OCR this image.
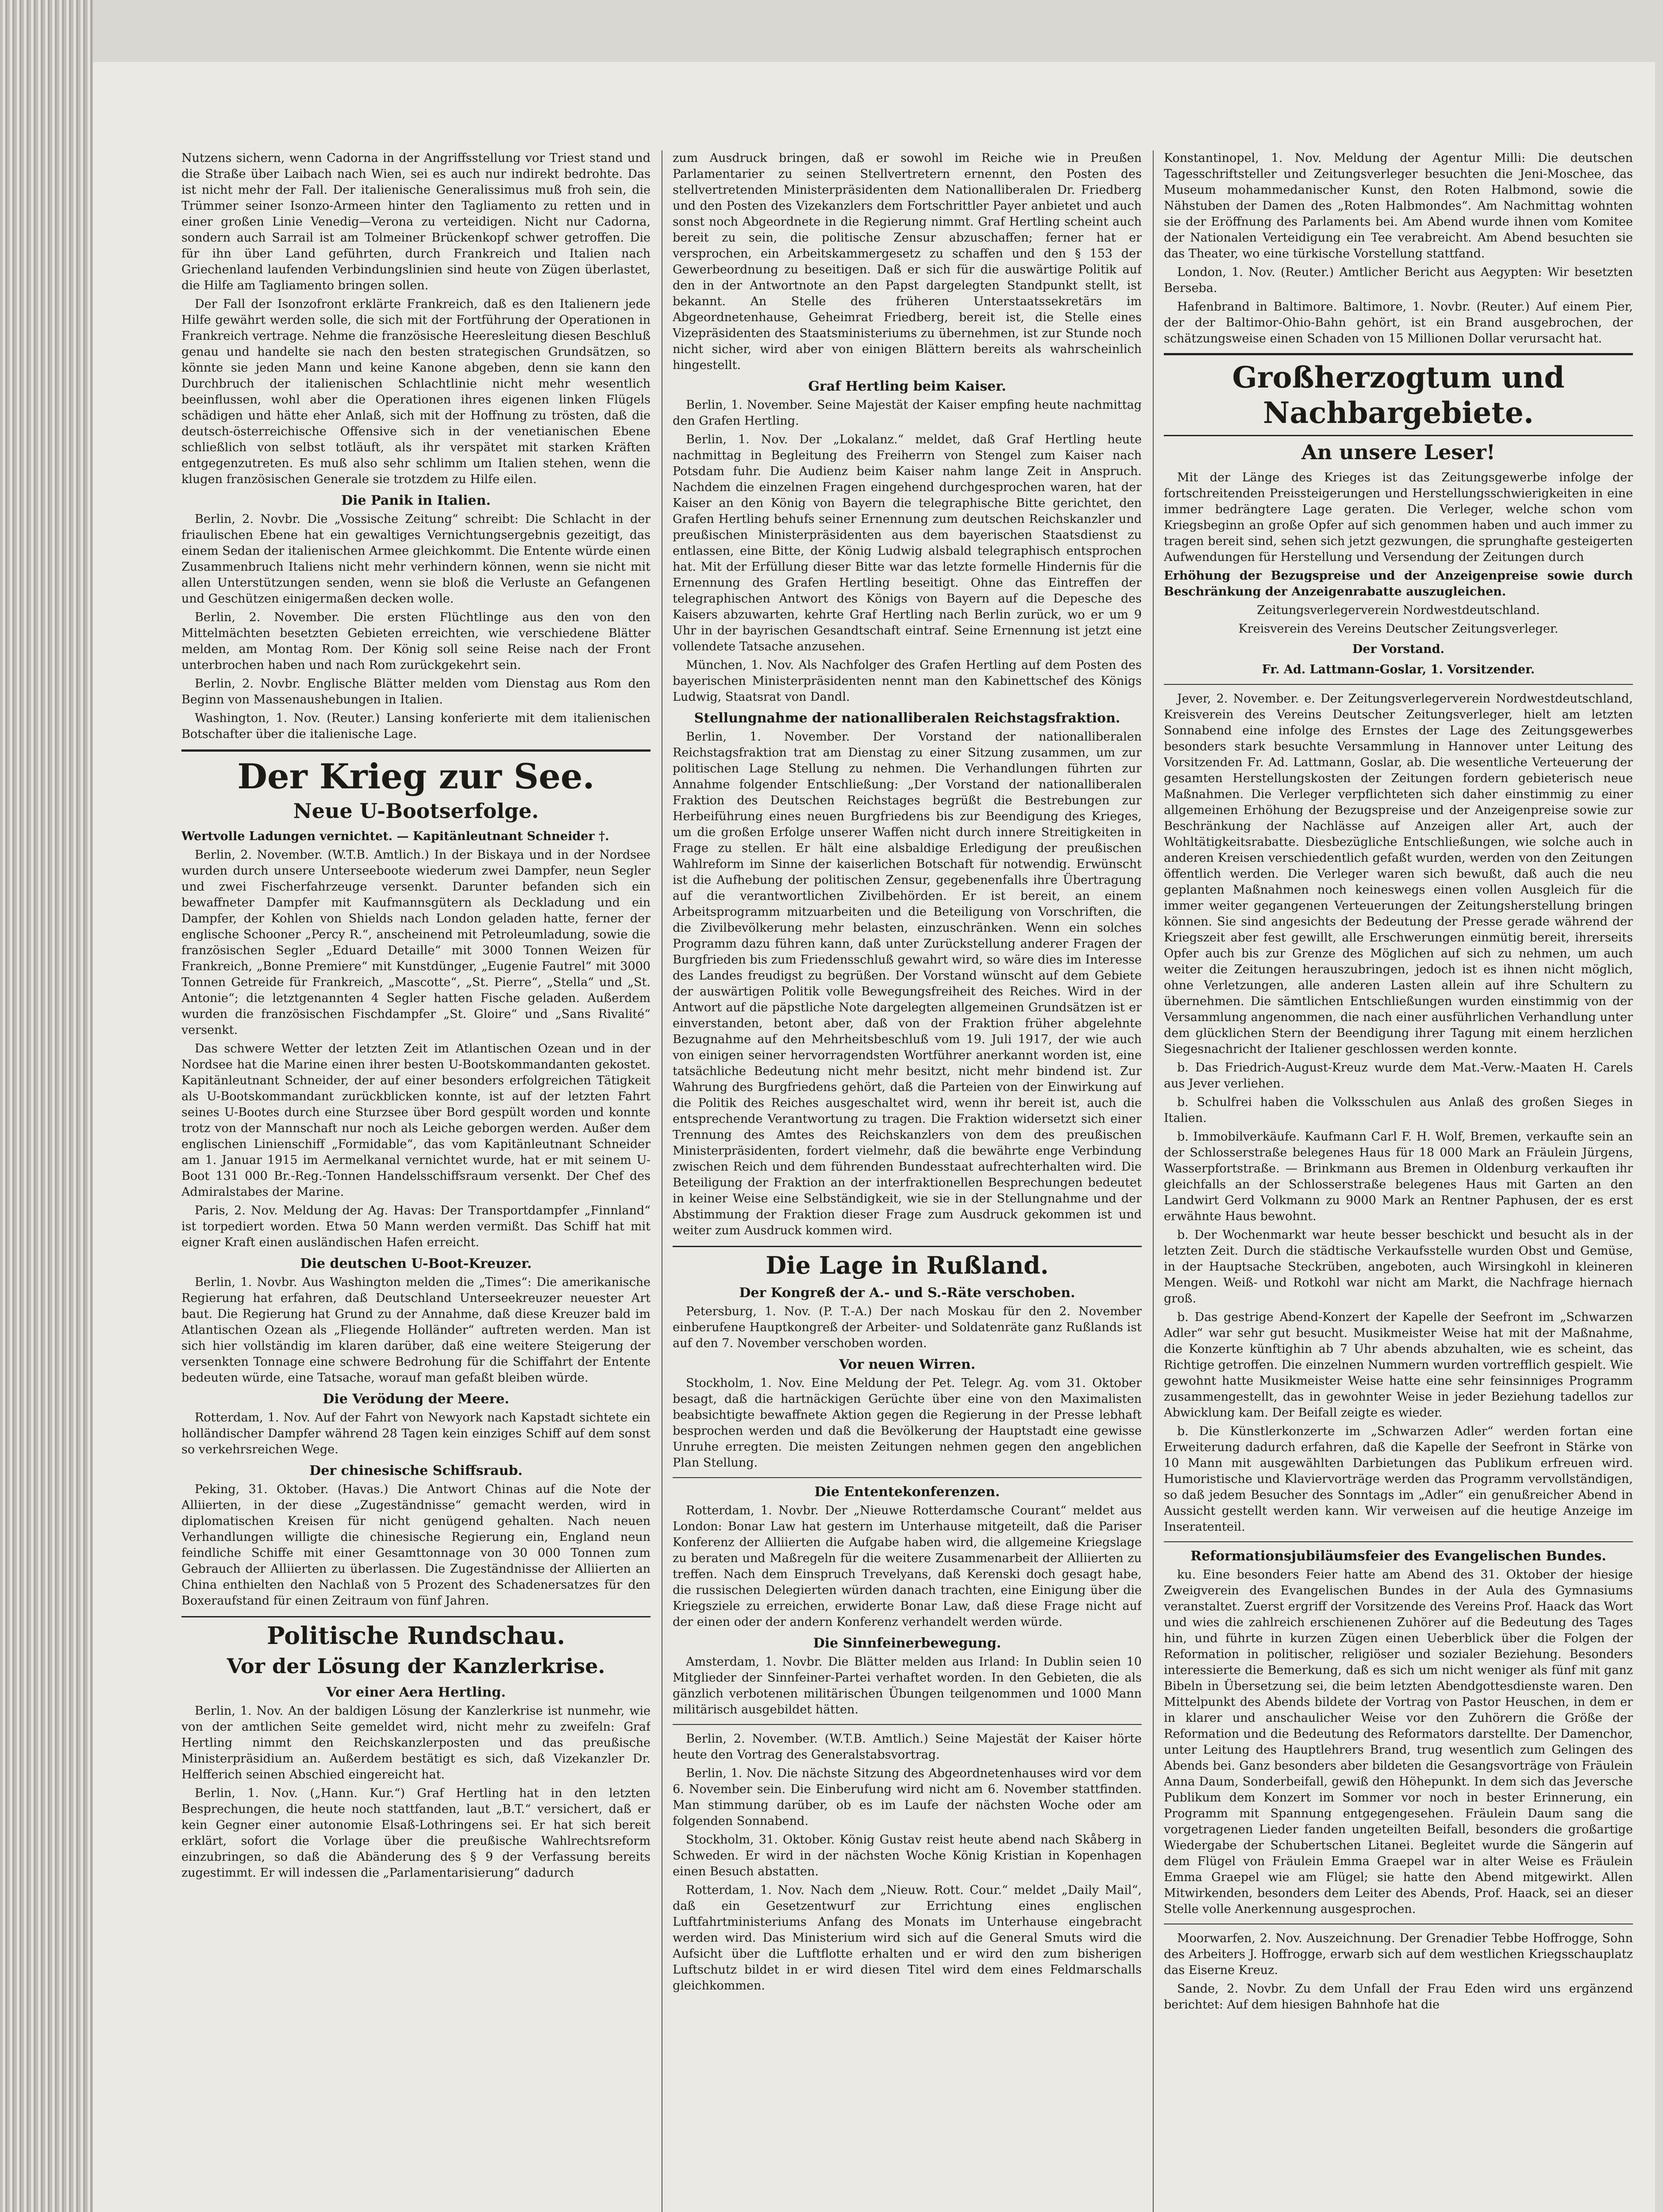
Nutzens sichern, wenn Cadorna in der Angriffsstellung vor Triest stand und die Straße über Laibach nach Wien, sei es auch nur indirekt bedrohte. Das ist nicht mehr der Fall. Der italienische Generalissimus muß froh sein, die Trümmer seiner Isonzo-Armeen hinter den Tagliamento zu retten und in einer großen Linie Venedig—Verona zu verteidigen. Nicht nur Cadorna, sondern auch Sarrail ist am Tolmeiner Brückenkopf schwer getroffen. Die für ihn über Land geführten, durch Frankreich und Italien nach Griechenland laufenden Verbindungslinien sind heute von Zügen überlastet, die Hilfe am Tagliamento bringen sollen.

Der Fall der Isonzofront erklärte Frankreich, daß es den Italienern jede Hilfe gewährt werden solle, die sich mit der Fortführung der Operationen in Frankreich vertrage. Nehme die französische Heeresleitung diesen Beschluß genau und handelte sie nach den besten strategischen Grundsätzen, so könnte sie jeden Mann und keine Kanone abgeben, denn sie kann den Durchbruch der italienischen Schlachtlinie nicht mehr wesentlich beeinflussen, wohl aber die Operationen ihres eigenen linken Flügels schädigen und hätte eher Anlaß, sich mit der Hoffnung zu trösten, daß die deutsch-österreichische Offensive sich in der venetianischen Ebene schließlich von selbst totläuft, als ihr verspätet mit starken Kräften entgegenzutreten. Es muß also sehr schlimm um Italien stehen, wenn die klugen französischen Generale sie trotzdem zu Hilfe eilen.

Die Panik in Italien.

Berlin, 2. Novbr. Die „Vossische Zeitung“ schreibt: Die Schlacht in der friaulischen Ebene hat ein gewaltiges Vernichtungsergebnis gezeitigt, das einem Sedan der italienischen Armee gleichkommt. Die Entente würde einen Zusammenbruch Italiens nicht mehr verhindern können, wenn sie nicht mit allen Unterstützungen senden, wenn sie bloß die Verluste an Gefangenen und Geschützen einigermaßen decken wolle.

Berlin, 2. November. Die ersten Flüchtlinge aus den von den Mittelmächten besetzten Gebieten erreichten, wie verschiedene Blätter melden, am Montag Rom. Der König soll seine Reise nach der Front unterbrochen haben und nach Rom zurückgekehrt sein.

Berlin, 2. Novbr. Englische Blätter melden vom Dienstag aus Rom den Beginn von Massenaushebungen in Italien.

Washington, 1. Nov. (Reuter.) Lansing konferierte mit dem italienischen Botschafter über die italienische Lage.

Der Krieg zur See.
Neue U-Bootserfolge.

Wertvolle Ladungen vernichtet. — Kapitänleutnant Schneider †.

Berlin, 2. November. (W.T.B. Amtlich.) In der Biskaya und in der Nordsee wurden durch unsere Unterseeboote wiederum zwei Dampfer, neun Segler und zwei Fischerfahrzeuge versenkt. Darunter befanden sich ein bewaffneter Dampfer mit Kaufmannsgütern als Deckladung und ein Dampfer, der Kohlen von Shields nach London geladen hatte, ferner der englische Schooner „Percy R.“, anscheinend mit Petroleumladung, sowie die französischen Segler „Eduard Detaille“ mit 3000 Tonnen Weizen für Frankreich, „Bonne Premiere“ mit Kunstdünger, „Eugenie Fautrel“ mit 3000 Tonnen Getreide für Frankreich, „Mascotte“, „St. Pierre“, „Stella“ und „St. Antonie“; die letztgenannten 4 Segler hatten Fische geladen. Außerdem wurden die französischen Fischdampfer „St. Gloire“ und „Sans Rivalité“ versenkt.

Das schwere Wetter der letzten Zeit im Atlantischen Ozean und in der Nordsee hat die Marine einen ihrer besten U-Bootskommandanten gekostet. Kapitänleutnant Schneider, der auf einer besonders erfolgreichen Tätigkeit als U-Bootskommandant zurückblicken konnte, ist auf der letzten Fahrt seines U-Bootes durch eine Sturzsee über Bord gespült worden und konnte trotz von der Mannschaft nur noch als Leiche geborgen werden. Außer dem englischen Linienschiff „Formidable“, das vom Kapitänleutnant Schneider am 1. Januar 1915 im Aermelkanal vernichtet wurde, hat er mit seinem U-Boot 131 000 Br.-Reg.-Tonnen Handelsschiffsraum versenkt. Der Chef des Admiralstabes der Marine.

Paris, 2. Nov. Meldung der Ag. Havas: Der Transportdampfer „Finnland“ ist torpediert worden. Etwa 50 Mann werden vermißt. Das Schiff hat mit eigner Kraft einen ausländischen Hafen erreicht.

Die deutschen U-Boot-Kreuzer.

Berlin, 1. Novbr. Aus Washington melden die „Times“: Die amerikanische Regierung hat erfahren, daß Deutschland Unterseekreuzer neuester Art baut. Die Regierung hat Grund zu der Annahme, daß diese Kreuzer bald im Atlantischen Ozean als „Fliegende Holländer“ auftreten werden. Man ist sich hier vollständig im klaren darüber, daß eine weitere Steigerung der versenkten Tonnage eine schwere Bedrohung für die Schiffahrt der Entente bedeuten würde, eine Tatsache, worauf man gefaßt bleiben würde.

Die Verödung der Meere.

Rotterdam, 1. Nov. Auf der Fahrt von Newyork nach Kapstadt sichtete ein holländischer Dampfer während 28 Tagen kein einziges Schiff auf dem sonst so verkehrsreichen Wege.

Der chinesische Schiffsraub.

Peking, 31. Oktober. (Havas.) Die Antwort Chinas auf die Note der Alliierten, in der diese „Zugeständnisse“ gemacht werden, wird in diplomatischen Kreisen für nicht genügend gehalten. Nach neuen Verhandlungen willigte die chinesische Regierung ein, England neun feindliche Schiffe mit einer Gesamttonnage von 30 000 Tonnen zum Gebrauch der Alliierten zu überlassen. Die Zugeständnisse der Alliierten an China enthielten den Nachlaß von 5 Prozent des Schadenersatzes für den Boxeraufstand für einen Zeitraum von fünf Jahren.

Politische Rundschau.
Vor der Lösung der Kanzlerkrise.
Vor einer Aera Hertling.

Berlin, 1. Nov. An der baldigen Lösung der Kanzlerkrise ist nunmehr, wie von der amtlichen Seite gemeldet wird, nicht mehr zu zweifeln: Graf Hertling nimmt den Reichskanzlerposten und das preußische Ministerpräsidium an. Außerdem bestätigt es sich, daß Vizekanzler Dr. Helfferich seinen Abschied eingereicht hat.

Berlin, 1. Nov. („Hann. Kur.“) Graf Hertling hat in den letzten Besprechungen, die heute noch stattfanden, laut „B.T.“ versichert, daß er kein Gegner einer autonomie Elsaß-Lothringens sei. Er hat sich bereit erklärt, sofort die Vorlage über die preußische Wahlrechtsreform einzubringen, so daß die Abänderung des § 9 der Verfassung bereits zugestimmt. Er will indessen die „Parlamentarisierung“ dadurch

zum Ausdruck bringen, daß er sowohl im Reiche wie in Preußen Parlamentarier zu seinen Stellvertretern ernennt, den Posten des stellvertretenden Ministerpräsidenten dem Nationalliberalen Dr. Friedberg und den Posten des Vizekanzlers dem Fortschrittler Payer anbietet und auch sonst noch Abgeordnete in die Regierung nimmt. Graf Hertling scheint auch bereit zu sein, die politische Zensur abzuschaffen; ferner hat er versprochen, ein Arbeitskammergesetz zu schaffen und den § 153 der Gewerbeordnung zu beseitigen. Daß er sich für die auswärtige Politik auf den in der Antwortnote an den Papst dargelegten Standpunkt stellt, ist bekannt. An Stelle des früheren Unterstaatssekretärs im Abgeordnetenhause, Geheimrat Friedberg, bereit ist, die Stelle eines Vizepräsidenten des Staatsministeriums zu übernehmen, ist zur Stunde noch nicht sicher, wird aber von einigen Blättern bereits als wahrscheinlich hingestellt.

Graf Hertling beim Kaiser.

Berlin, 1. November. Seine Majestät der Kaiser empfing heute nachmittag den Grafen Hertling.

Berlin, 1. Nov. Der „Lokalanz.“ meldet, daß Graf Hertling heute nachmittag in Begleitung des Freiherrn von Stengel zum Kaiser nach Potsdam fuhr. Die Audienz beim Kaiser nahm lange Zeit in Anspruch. Nachdem die einzelnen Fragen eingehend durchgesprochen waren, hat der Kaiser an den König von Bayern die telegraphische Bitte gerichtet, den Grafen Hertling behufs seiner Ernennung zum deutschen Reichskanzler und preußischen Ministerpräsidenten aus dem bayerischen Staatsdienst zu entlassen, eine Bitte, der König Ludwig alsbald telegraphisch entsprochen hat. Mit der Erfüllung dieser Bitte war das letzte formelle Hindernis für die Ernennung des Grafen Hertling beseitigt. Ohne das Eintreffen der telegraphischen Antwort des Königs von Bayern auf die Depesche des Kaisers abzuwarten, kehrte Graf Hertling nach Berlin zurück, wo er um 9 Uhr in der bayrischen Gesandtschaft eintraf. Seine Ernennung ist jetzt eine vollendete Tatsache anzusehen.

München, 1. Nov. Als Nachfolger des Grafen Hertling auf dem Posten des bayerischen Ministerpräsidenten nennt man den Kabinettschef des Königs Ludwig, Staatsrat von Dandl.

Stellungnahme der nationalliberalen Reichstagsfraktion.

Berlin, 1. November. Der Vorstand der nationalliberalen Reichstagsfraktion trat am Dienstag zu einer Sitzung zusammen, um zur politischen Lage Stellung zu nehmen. Die Verhandlungen führten zur Annahme folgender Entschließung: „Der Vorstand der nationalliberalen Fraktion des Deutschen Reichstages begrüßt die Bestrebungen zur Herbeiführung eines neuen Burgfriedens bis zur Beendigung des Krieges, um die großen Erfolge unserer Waffen nicht durch innere Streitigkeiten in Frage zu stellen. Er hält eine alsbaldige Erledigung der preußischen Wahlreform im Sinne der kaiserlichen Botschaft für notwendig. Erwünscht ist die Aufhebung der politischen Zensur, gegebenenfalls ihre Übertragung auf die verantwortlichen Zivilbehörden. Er ist bereit, an einem Arbeitsprogramm mitzuarbeiten und die Beteiligung von Vorschriften, die die Zivilbevölkerung mehr belasten, einzuschränken. Wenn ein solches Programm dazu führen kann, daß unter Zurückstellung anderer Fragen der Burgfrieden bis zum Friedensschluß gewahrt wird, so wäre dies im Interesse des Landes freudigst zu begrüßen. Der Vorstand wünscht auf dem Gebiete der auswärtigen Politik volle Bewegungsfreiheit des Reiches. Wird in der Antwort auf die päpstliche Note dargelegten allgemeinen Grundsätzen ist er einverstanden, betont aber, daß von der Fraktion früher abgelehnte Bezugnahme auf den Mehrheitsbeschluß vom 19. Juli 1917, der wie auch von einigen seiner hervorragendsten Wortführer anerkannt worden ist, eine tatsächliche Bedeutung nicht mehr besitzt, nicht mehr bindend ist. Zur Wahrung des Burgfriedens gehört, daß die Parteien von der Einwirkung auf die Politik des Reiches ausgeschaltet wird, wenn ihr bereit ist, auch die entsprechende Verantwortung zu tragen. Die Fraktion widersetzt sich einer Trennung des Amtes des Reichskanzlers von dem des preußischen Ministerpräsidenten, fordert vielmehr, daß die bewährte enge Verbindung zwischen Reich und dem führenden Bundesstaat aufrechterhalten wird. Die Beteiligung der Fraktion an der interfraktionellen Besprechungen bedeutet in keiner Weise eine Selbständigkeit, wie sie in der Stellungnahme und der Abstimmung der Fraktion dieser Frage zum Ausdruck gekommen ist und weiter zum Ausdruck kommen wird.

Die Lage in Rußland.
Der Kongreß der A.- und S.-Räte verschoben.

Petersburg, 1. Nov. (P. T.-A.) Der nach Moskau für den 2. November einberufene Hauptkongreß der Arbeiter- und Soldatenräte ganz Rußlands ist auf den 7. November verschoben worden.

Vor neuen Wirren.

Stockholm, 1. Nov. Eine Meldung der Pet. Telegr. Ag. vom 31. Oktober besagt, daß die hartnäckigen Gerüchte über eine von den Maximalisten beabsichtigte bewaffnete Aktion gegen die Regierung in der Presse lebhaft besprochen werden und daß die Bevölkerung der Hauptstadt eine gewisse Unruhe erregten. Die meisten Zeitungen nehmen gegen den angeblichen Plan Stellung.

Die Ententekonferenzen.

Rotterdam, 1. Novbr. Der „Nieuwe Rotterdamsche Courant“ meldet aus London: Bonar Law hat gestern im Unterhause mitgeteilt, daß die Pariser Konferenz der Alliierten die Aufgabe haben wird, die allgemeine Kriegslage zu beraten und Maßregeln für die weitere Zusammenarbeit der Alliierten zu treffen. Nach dem Einspruch Trevelyans, daß Kerenski doch gesagt habe, die russischen Delegierten würden danach trachten, eine Einigung über die Kriegsziele zu erreichen, erwiderte Bonar Law, daß diese Frage nicht auf der einen oder der andern Konferenz verhandelt werden würde.

Die Sinnfeinerbewegung.

Amsterdam, 1. Novbr. Die Blätter melden aus Irland: In Dublin seien 10 Mitglieder der Sinnfeiner-Partei verhaftet worden. In den Gebieten, die als gänzlich verbotenen militärischen Übungen teilgenommen und 1000 Mann militärisch ausgebildet hätten.

Berlin, 2. November. (W.T.B. Amtlich.) Seine Majestät der Kaiser hörte heute den Vortrag des Generalstabsvortrag.

Berlin, 1. Nov. Die nächste Sitzung des Abgeordnetenhauses wird vor dem 6. November sein. Die Einberufung wird nicht am 6. November stattfinden. Man stimmung darüber, ob es im Laufe der nächsten Woche oder am folgenden Sonnabend.

Stockholm, 31. Oktober. König Gustav reist heute abend nach Skåberg in Schweden. Er wird in der nächsten Woche König Kristian in Kopenhagen einen Besuch abstatten.

Rotterdam, 1. Nov. Nach dem „Nieuw. Rott. Cour.“ meldet „Daily Mail“, daß ein Gesetzentwurf zur Errichtung eines englischen Luftfahrtministeriums Anfang des Monats im Unterhause eingebracht werden wird. Das Ministerium wird sich auf die General Smuts wird die Aufsicht über die Luftflotte erhalten und er wird den zum bisherigen Luftschutz bildet in er wird diesen Titel wird dem eines Feldmarschalls gleichkommen.

Konstantinopel, 1. Nov. Meldung der Agentur Milli: Die deutschen Tagesschriftsteller und Zeitungsverleger besuchten die Jeni-Moschee, das Museum mohammedanischer Kunst, den Roten Halbmond, sowie die Nähstuben der Damen des „Roten Halbmondes“. Am Nachmittag wohnten sie der Eröffnung des Parlaments bei. Am Abend wurde ihnen vom Komitee der Nationalen Verteidigung ein Tee verabreicht. Am Abend besuchten sie das Theater, wo eine türkische Vorstellung stattfand.

London, 1. Nov. (Reuter.) Amtlicher Bericht aus Aegypten: Wir besetzten Berseba.

Hafenbrand in Baltimore. Baltimore, 1. Novbr. (Reuter.) Auf einem Pier, der der Baltimor-Ohio-Bahn gehört, ist ein Brand ausgebrochen, der schätzungsweise einen Schaden von 15 Millionen Dollar verursacht hat.

Großherzogtum und Nachbargebiete.
An unsere Leser!

Mit der Länge des Krieges ist das Zeitungsgewerbe infolge der fortschreitenden Preissteigerungen und Herstellungsschwierigkeiten in eine immer bedrängtere Lage geraten. Die Verleger, welche schon vom Kriegsbeginn an große Opfer auf sich genommen haben und auch immer zu tragen bereit sind, sehen sich jetzt gezwungen, die sprunghafte gesteigerten Aufwendungen für Herstellung und Versendung der Zeitungen durch

Erhöhung der Bezugspreise und der Anzeigenpreise sowie durch Beschränkung der Anzeigenrabatte auszugleichen.

Zeitungsverlegerverein Nordwestdeutschland.

Kreisverein des Vereins Deutscher Zeitungsverleger.

Der Vorstand.

Fr. Ad. Lattmann-Goslar, 1. Vorsitzender.

Jever, 2. November. e. Der Zeitungsverlegerverein Nordwestdeutschland, Kreisverein des Vereins Deutscher Zeitungsverleger, hielt am letzten Sonnabend eine infolge des Ernstes der Lage des Zeitungsgewerbes besonders stark besuchte Versammlung in Hannover unter Leitung des Vorsitzenden Fr. Ad. Lattmann, Goslar, ab. Die wesentliche Verteuerung der gesamten Herstellungskosten der Zeitungen fordern gebieterisch neue Maßnahmen. Die Verleger verpflichteten sich daher einstimmig zu einer allgemeinen Erhöhung der Bezugspreise und der Anzeigenpreise sowie zur Beschränkung der Nachlässe auf Anzeigen aller Art, auch der Wohltätigkeitsrabatte. Diesbezügliche Entschließungen, wie solche auch in anderen Kreisen verschiedentlich gefaßt wurden, werden von den Zeitungen öffentlich werden. Die Verleger waren sich bewußt, daß auch die neu geplanten Maßnahmen noch keineswegs einen vollen Ausgleich für die immer weiter gegangenen Verteuerungen der Zeitungsherstellung bringen können. Sie sind angesichts der Bedeutung der Presse gerade während der Kriegszeit aber fest gewillt, alle Erschwerungen einmütig bereit, ihrerseits Opfer auch bis zur Grenze des Möglichen auf sich zu nehmen, um auch weiter die Zeitungen herauszubringen, jedoch ist es ihnen nicht möglich, ohne Verletzungen, alle anderen Lasten allein auf ihre Schultern zu übernehmen. Die sämtlichen Entschließungen wurden einstimmig von der Versammlung angenommen, die nach einer ausführlichen Verhandlung unter dem glücklichen Stern der Beendigung ihrer Tagung mit einem herzlichen Siegesnachricht der Italiener geschlossen werden konnte.

b. Das Friedrich-August-Kreuz wurde dem Mat.-Verw.-Maaten H. Carels aus Jever verliehen.

b. Schulfrei haben die Volksschulen aus Anlaß des großen Sieges in Italien.

b. Immobilverkäufe. Kaufmann Carl F. H. Wolf, Bremen, verkaufte sein an der Schlosserstraße belegenes Haus für 18 000 Mark an Fräulein Jürgens, Wasserpfortstraße. — Brinkmann aus Bremen in Oldenburg verkauften ihr gleichfalls an der Schlosserstraße belegenes Haus mit Garten an den Landwirt Gerd Volkmann zu 9000 Mark an Rentner Paphusen, der es erst erwähnte Haus bewohnt.

b. Der Wochenmarkt war heute besser beschickt und besucht als in der letzten Zeit. Durch die städtische Verkaufsstelle wurden Obst und Gemüse, in der Hauptsache Steckrüben, angeboten, auch Wirsingkohl in kleineren Mengen. Weiß- und Rotkohl war nicht am Markt, die Nachfrage hiernach groß.

b. Das gestrige Abend-Konzert der Kapelle der Seefront im „Schwarzen Adler“ war sehr gut besucht. Musikmeister Weise hat mit der Maßnahme, die Konzerte künftighin ab 7 Uhr abends abzuhalten, wie es scheint, das Richtige getroffen. Die einzelnen Nummern wurden vortrefflich gespielt. Wie gewohnt hatte Musikmeister Weise hatte eine sehr feinsinniges Programm zusammengestellt, das in gewohnter Weise in jeder Beziehung tadellos zur Abwicklung kam. Der Beifall zeigte es wieder.

b. Die Künstlerkonzerte im „Schwarzen Adler“ werden fortan eine Erweiterung dadurch erfahren, daß die Kapelle der Seefront in Stärke von 10 Mann mit ausgewählten Darbietungen das Publikum erfreuen wird. Humoristische und Klaviervorträge werden das Programm vervollständigen, so daß jedem Besucher des Sonntags im „Adler“ ein genußreicher Abend in Aussicht gestellt werden kann. Wir verweisen auf die heutige Anzeige im Inseratenteil.

Reformationsjubiläumsfeier des Evangelischen Bundes.

ku. Eine besonders Feier hatte am Abend des 31. Oktober der hiesige Zweigverein des Evangelischen Bundes in der Aula des Gymnasiums veranstaltet. Zuerst ergriff der Vorsitzende des Vereins Prof. Haack das Wort und wies die zahlreich erschienenen Zuhörer auf die Bedeutung des Tages hin, und führte in kurzen Zügen einen Ueberblick über die Folgen der Reformation in politischer, religiöser und sozialer Beziehung. Besonders interessierte die Bemerkung, daß es sich um nicht weniger als fünf mit ganz Bibeln in Übersetzung sei, die beim letzten Abendgottesdienste waren. Den Mittelpunkt des Abends bildete der Vortrag von Pastor Heuschen, in dem er in klarer und anschaulicher Weise vor den Zuhörern die Größe der Reformation und die Bedeutung des Reformators darstellte. Der Damenchor, unter Leitung des Hauptlehrers Brand, trug wesentlich zum Gelingen des Abends bei. Ganz besonders aber bildeten die Gesangsvorträge von Fräulein Anna Daum, Sonderbeifall, gewiß den Höhepunkt. In dem sich das Jeversche Publikum dem Konzert im Sommer vor noch in bester Erinnerung, ein Programm mit Spannung entgegengesehen. Fräulein Daum sang die vorgetragenen Lieder fanden ungeteilten Beifall, besonders die großartige Wiedergabe der Schubertschen Litanei. Begleitet wurde die Sängerin auf dem Flügel von Fräulein Emma Graepel war in alter Weise es Fräulein Emma Graepel wie am Flügel; sie hatte den Abend mitgewirkt. Allen Mitwirkenden, besonders dem Leiter des Abends, Prof. Haack, sei an dieser Stelle volle Anerkennung ausgesprochen.

Moorwarfen, 2. Nov. Auszeichnung. Der Grenadier Tebbe Hoffrogge, Sohn des Arbeiters J. Hoffrogge, erwarb sich auf dem westlichen Kriegsschauplatz das Eiserne Kreuz.

Sande, 2. Novbr. Zu dem Unfall der Frau Eden wird uns ergänzend berichtet: Auf dem hiesigen Bahnhofe hat die
